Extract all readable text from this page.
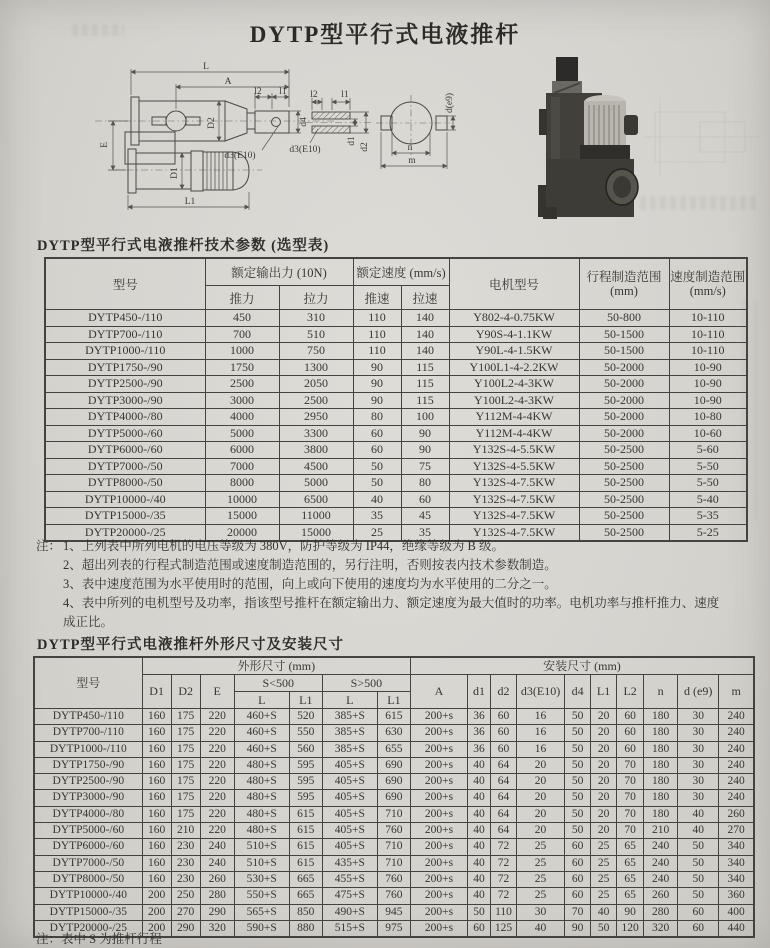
DYTP型平行式电液推杆
L
A
l2 l1
d4
d3(E10)
E
D2
D1
L1
l2 l1
d1
d2
d3(E10)
d(e9)
n
m
DYTP型平行式电液推杆技术参数 (选型表)
型号	额定输出力 (10N)		额定速度 (mm/s)		电机型号	行程制造范围
(mm)	速度制造范围
(mm/s)

	推力	拉力	推速	拉速			
DYTP450-/110	450	310	110	140	Y802-4-0.75KW	50-800	10-110
DYTP700-/110	700	510	110	140	Y90S-4-1.1KW	50-1500	10-110
DYTP1000-/110	1000	750	110	140	Y90L-4-1.5KW	50-1500	10-110
DYTP1750-/90	1750	1300	90	115	Y100L1-4-2.2KW	50-2000	10-90
DYTP2500-/90	2500	2050	90	115	Y100L2-4-3KW	50-2000	10-90
DYTP3000-/90	3000	2500	90	115	Y100L2-4-3KW	50-2000	10-90
DYTP4000-/80	4000	2950	80	100	Y112M-4-4KW	50-2000	10-80
DYTP5000-/60	5000	3300	60	90	Y112M-4-4KW	50-2000	10-60
DYTP6000-/60	6000	3800	60	90	Y132S-4-5.5KW	50-2500	5-60
DYTP7000-/50	7000	4500	50	75	Y132S-4-5.5KW	50-2500	5-50
DYTP8000-/50	8000	5000	50	80	Y132S-4-7.5KW	50-2500	5-50
DYTP10000-/40	10000	6500	40	60	Y132S-4-7.5KW	50-2500	5-40
DYTP15000-/35	15000	11000	35	45	Y132S-4-7.5KW	50-2500	5-35
DYTP20000-/25	20000	15000	25	35	Y132S-4-7.5KW	50-2500	5-25
注： 1、上列表中所列电机的电压等级为 380V，防护等级为 IP44，绝缘等级为 B 级。
2、超出列表的行程式制造范围或速度制造范围的，另行注明，否则按表内技术参数制造。
3、表中速度范围为水平使用时的范围，向上或向下使用的速度均为水平使用的二分之一。
4、表中所列的电机型号及功率，指该型号推杆在额定输出力、额定速度为最大值时的功率。电机功率与推杆推力、速度成正比。
DYTP型平行式电液推杆外形尺寸及安装尺寸
型号	外形尺寸 (mm)							安装尺寸 (mm)									
	D1	D2	E	S<500		S>500		A	d1	d2	d3(E10)	d4	L1	L2	n	d (e9)	m
				L	L1	L	L1										
DYTP450-/110	160	175	220	460+S	520	385+S	615	200+s	36	60	16	50	20	60	180	30	240
DYTP700-/110	160	175	220	460+S	550	385+S	630	200+s	36	60	16	50	20	60	180	30	240
DYTP1000-/110	160	175	220	460+S	560	385+S	655	200+s	36	60	16	50	20	60	180	30	240
DYTP1750-/90	160	175	220	480+S	595	405+S	690	200+s	40	64	20	50	20	70	180	30	240
DYTP2500-/90	160	175	220	480+S	595	405+S	690	200+s	40	64	20	50	20	70	180	30	240
DYTP3000-/90	160	175	220	480+S	595	405+S	690	200+s	40	64	20	50	20	70	180	30	240
DYTP4000-/80	160	175	220	480+S	615	405+S	710	200+s	40	64	20	50	20	70	180	40	260
DYTP5000-/60	160	210	220	480+S	615	405+S	760	200+s	40	64	20	50	20	70	210	40	270
DYTP6000-/60	160	230	240	510+S	615	405+S	710	200+s	40	72	25	60	25	65	240	50	340
DYTP7000-/50	160	230	240	510+S	615	435+S	710	200+s	40	72	25	60	25	65	240	50	340
DYTP8000-/50	160	230	260	530+S	665	455+S	760	200+s	40	72	25	60	25	65	240	50	340
DYTP10000-/40	200	250	280	550+S	665	475+S	760	200+s	40	72	25	60	25	65	260	50	360
DYTP15000-/35	200	270	290	565+S	850	490+S	945	200+s	50	110	30	70	40	90	280	60	400
DYTP20000-/25	200	290	320	590+S	880	515+S	975	200+s	60	125	40	90	50	120	320	60	440
注：表中 S 为推杆行程
